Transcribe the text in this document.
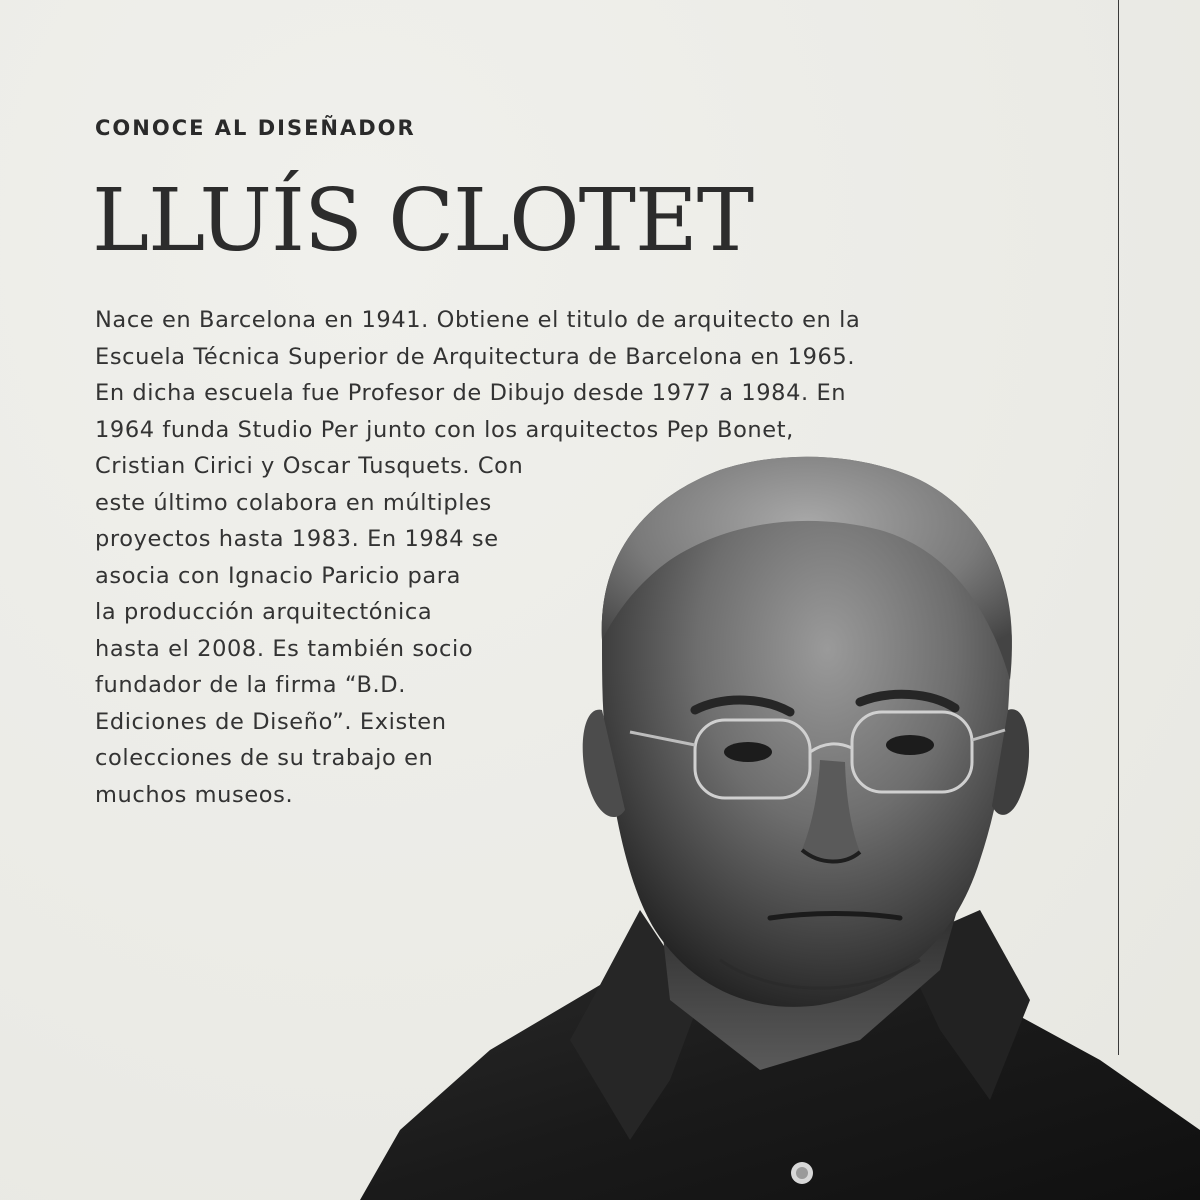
CONOCE AL DISEÑADOR
LLUÍS CLOTET
Nace en Barcelona en 1941. Obtiene el titulo de arquitecto en la
Escuela Técnica Superior de Arquitectura de Barcelona en 1965.
En dicha escuela fue Profesor de Dibujo desde 1977 a 1984. En
1964 funda Studio Per junto con los arquitectos Pep Bonet,
Cristian Cirici y Oscar Tusquets. Con
este último colabora en múltiples
proyectos hasta 1983. En 1984 se
asocia con Ignacio Paricio para
la producción arquitectónica
hasta el 2008. Es también socio
fundador de la firma “B.D.
Ediciones de Diseño”. Existen
colecciones de su trabajo en
muchos museos.
